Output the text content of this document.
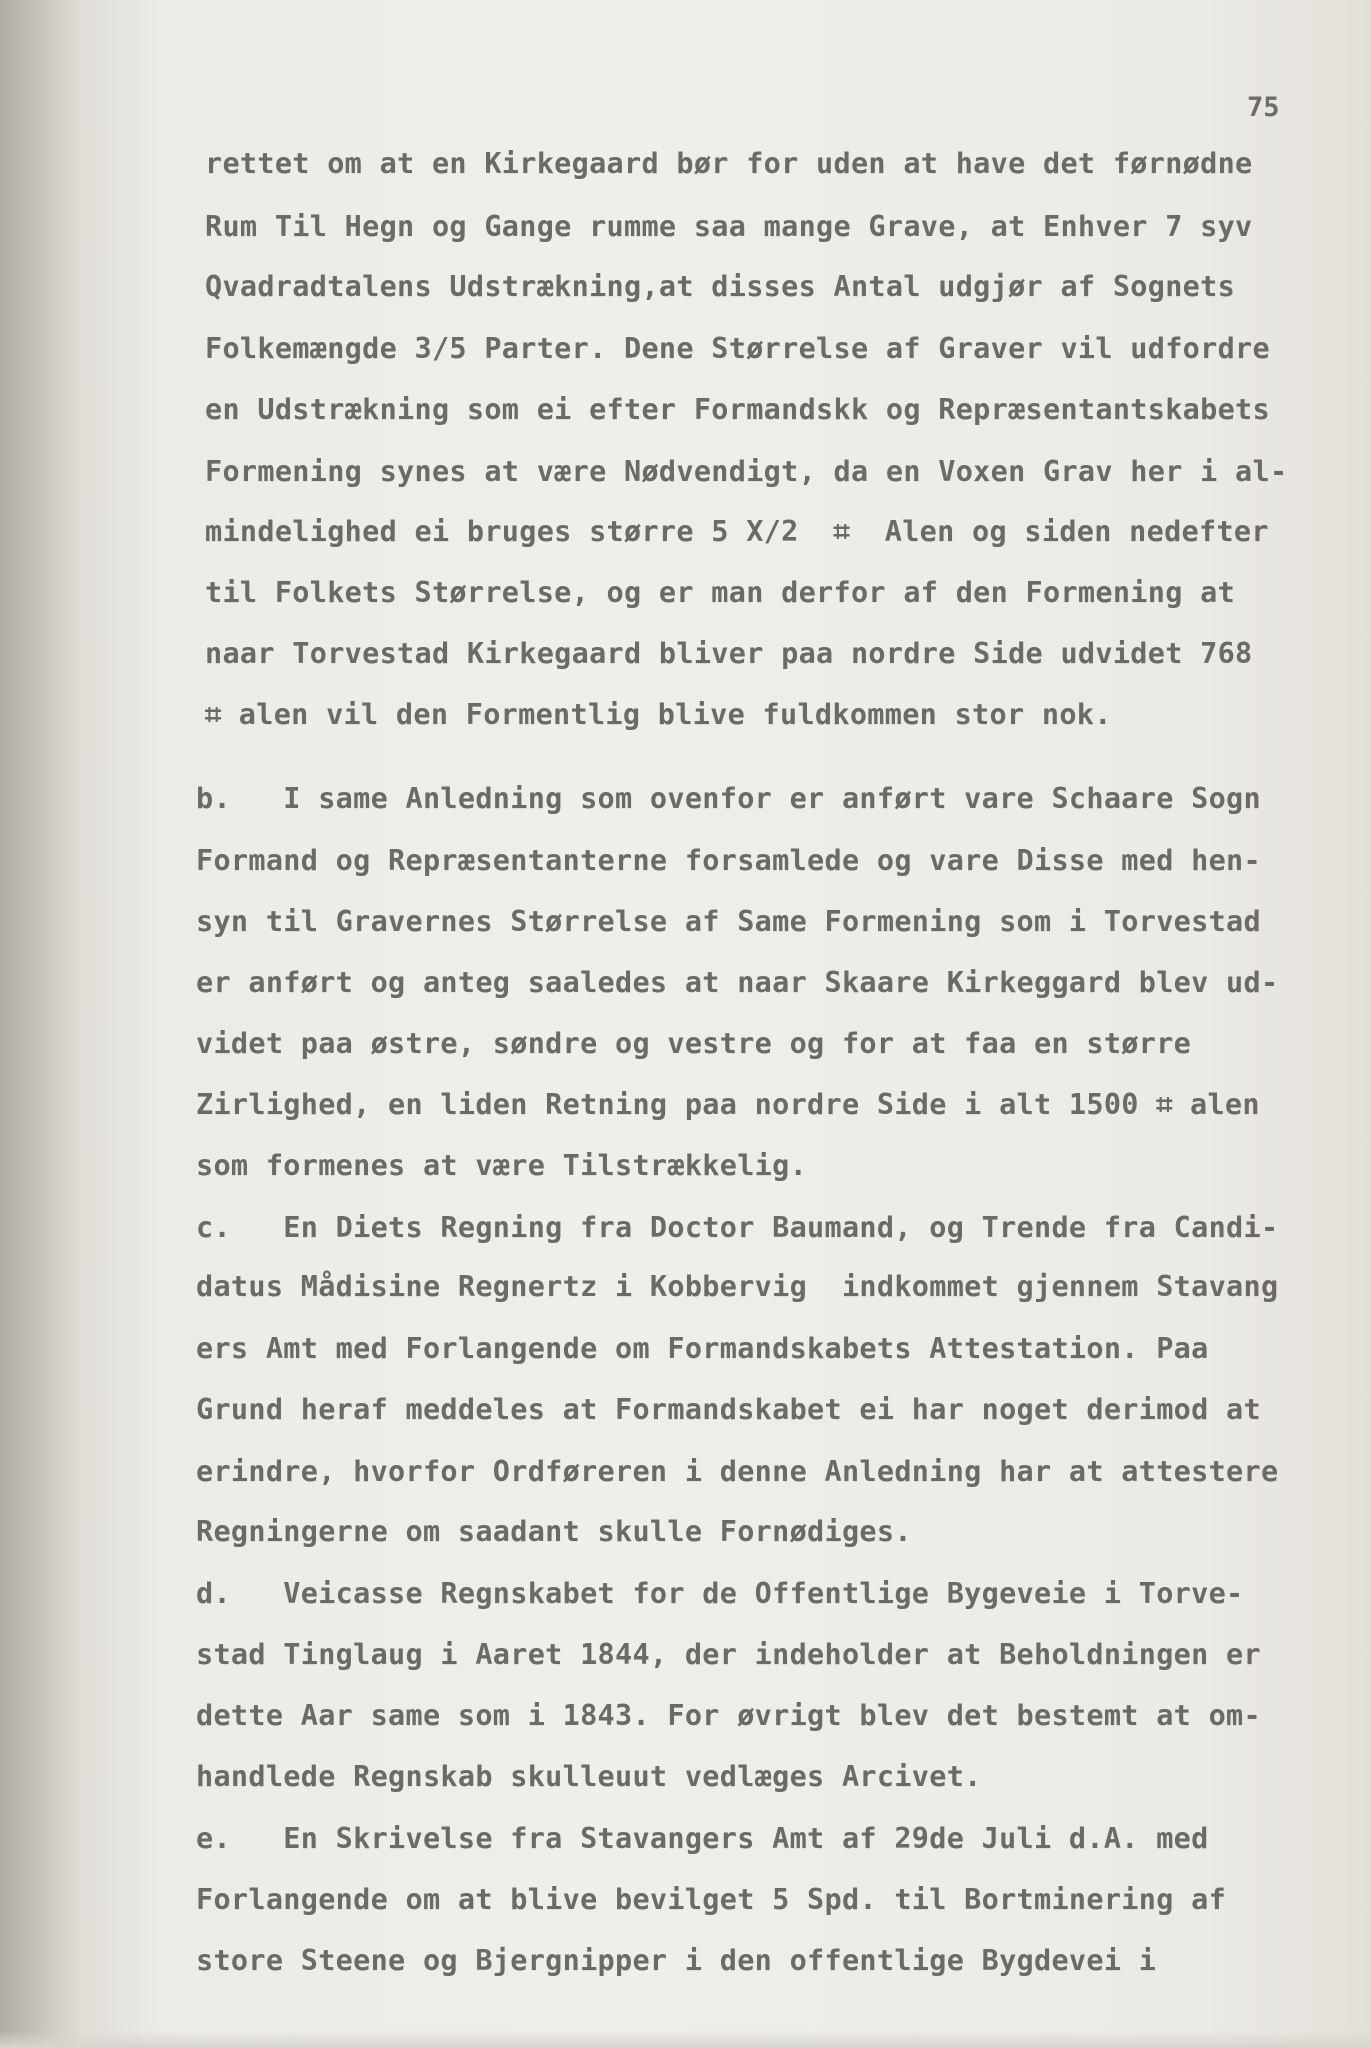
75
rettet om at en Kirkegaard bør for uden at have det førnødne
Rum Til Hegn og Gange rumme saa mange Grave, at Enhver 7 syv
Qvadradtalens Udstrækning,at disses Antal udgjør af Sognets
Folkemængde 3/5 Parter. Dene Størrelse af Graver vil udfordre
en Udstrækning som ei efter Formandskk og Repræsentantskabets
Formening synes at være Nødvendigt, da en Voxen Grav her i al-
mindelighed ei bruges større 5 X/2  ⌗  Alen og siden nedefter
til Folkets Størrelse, og er man derfor af den Formening at
naar Torvestad Kirkegaard bliver paa nordre Side udvidet 768
⌗ alen vil den Formentlig blive fuldkommen stor nok.
b.   I same Anledning som ovenfor er anført vare Schaare Sogn
Formand og Repræsentanterne forsamlede og vare Disse med hen-
syn til Gravernes Størrelse af Same Formening som i Torvestad
er anført og anteg saaledes at naar Skaare Kirkeggard blev ud-
videt paa østre, søndre og vestre og for at faa en større
Zirlighed, en liden Retning paa nordre Side i alt 1500 ⌗ alen
som formenes at være Tilstrækkelig.
c.   En Diets Regning fra Doctor Baumand, og Trende fra Candi-
datus Mådisine Regnertz i Kobbervig  indkommet gjennem Stavang
ers Amt med Forlangende om Formandskabets Attestation. Paa
Grund heraf meddeles at Formandskabet ei har noget derimod at
erindre, hvorfor Ordføreren i denne Anledning har at attestere
Regningerne om saadant skulle Fornødiges.
d.   Veicasse Regnskabet for de Offentlige Bygeveie i Torve-
stad Tinglaug i Aaret 1844, der indeholder at Beholdningen er
dette Aar same som i 1843. For øvrigt blev det bestemt at om-
handlede Regnskab skulleuut vedlæges Arcivet.
e.   En Skrivelse fra Stavangers Amt af 29de Juli d.A. med
Forlangende om at blive bevilget 5 Spd. til Bortminering af
store Steene og Bjergnipper i den offentlige Bygdevei i
